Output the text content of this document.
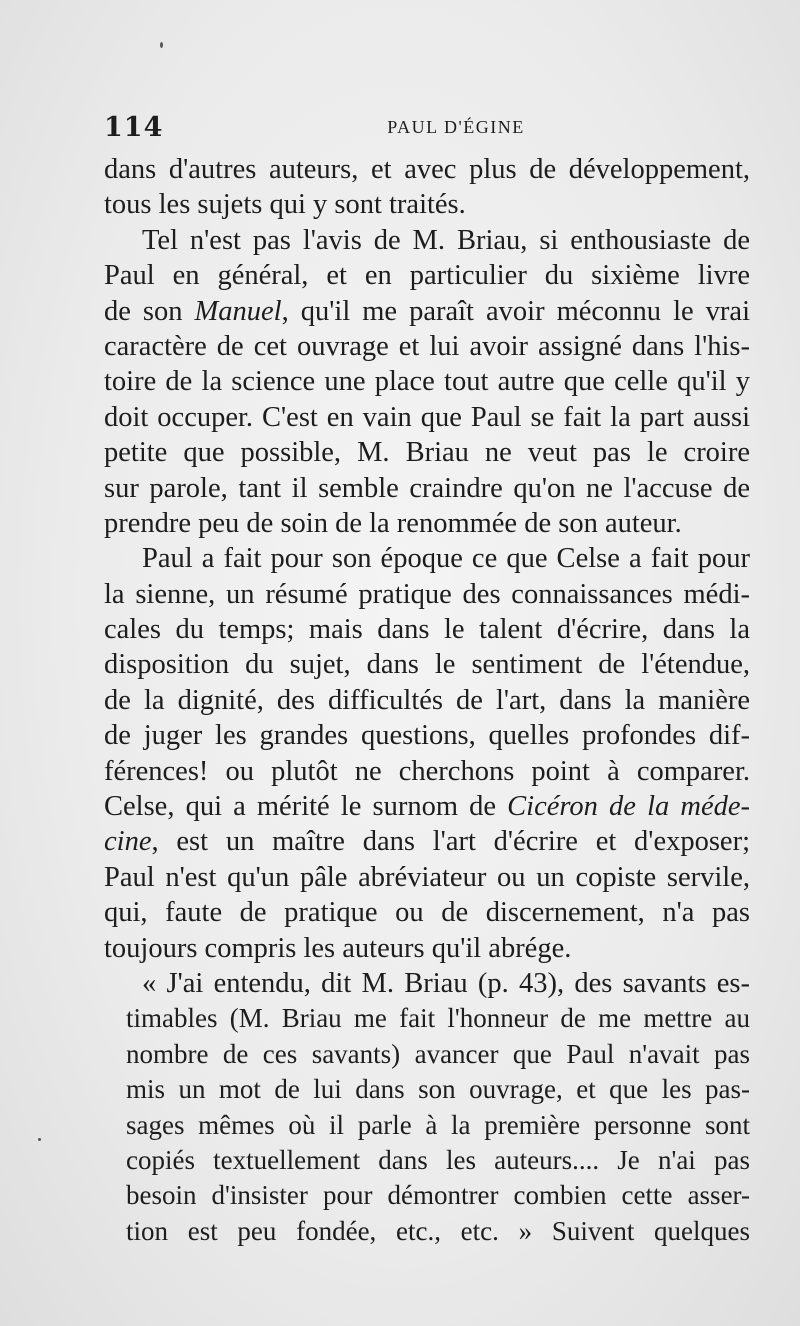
114	PAUL D'ÉGINE
dans d'autres auteurs, et avec plus de développement,
tous les sujets qui y sont traités.
Tel n'est pas l'avis de M. Briau, si enthousiaste de
Paul en général, et en particulier du sixième livre
de son Manuel, qu'il me paraît avoir méconnu le vrai
caractère de cet ouvrage et lui avoir assigné dans l'his-
toire de la science une place tout autre que celle qu'il y
doit occuper. C'est en vain que Paul se fait la part aussi
petite que possible, M. Briau ne veut pas le croire
sur parole, tant il semble craindre qu'on ne l'accuse de
prendre peu de soin de la renommée de son auteur.
Paul a fait pour son époque ce que Celse a fait pour
la sienne, un résumé pratique des connaissances médi-
cales du temps; mais dans le talent d'écrire, dans la
disposition du sujet, dans le sentiment de l'étendue,
de la dignité, des difficultés de l'art, dans la manière
de juger les grandes questions, quelles profondes dif-
férences! ou plutôt ne cherchons point à comparer.
Celse, qui a mérité le surnom de Cicéron de la méde-
cine, est un maître dans l'art d'écrire et d'exposer;
Paul n'est qu'un pâle abréviateur ou un copiste servile,
qui, faute de pratique ou de discernement, n'a pas
toujours compris les auteurs qu'il abrége.
« J'ai entendu, dit M. Briau (p. 43), des savants es-
timables (M. Briau me fait l'honneur de me mettre au
nombre de ces savants) avancer que Paul n'avait pas
mis un mot de lui dans son ouvrage, et que les pas-
sages mêmes où il parle à la première personne sont
copiés textuellement dans les auteurs.... Je n'ai pas
besoin d'insister pour démontrer combien cette asser-
tion est peu fondée, etc., etc. » Suivent quelques
